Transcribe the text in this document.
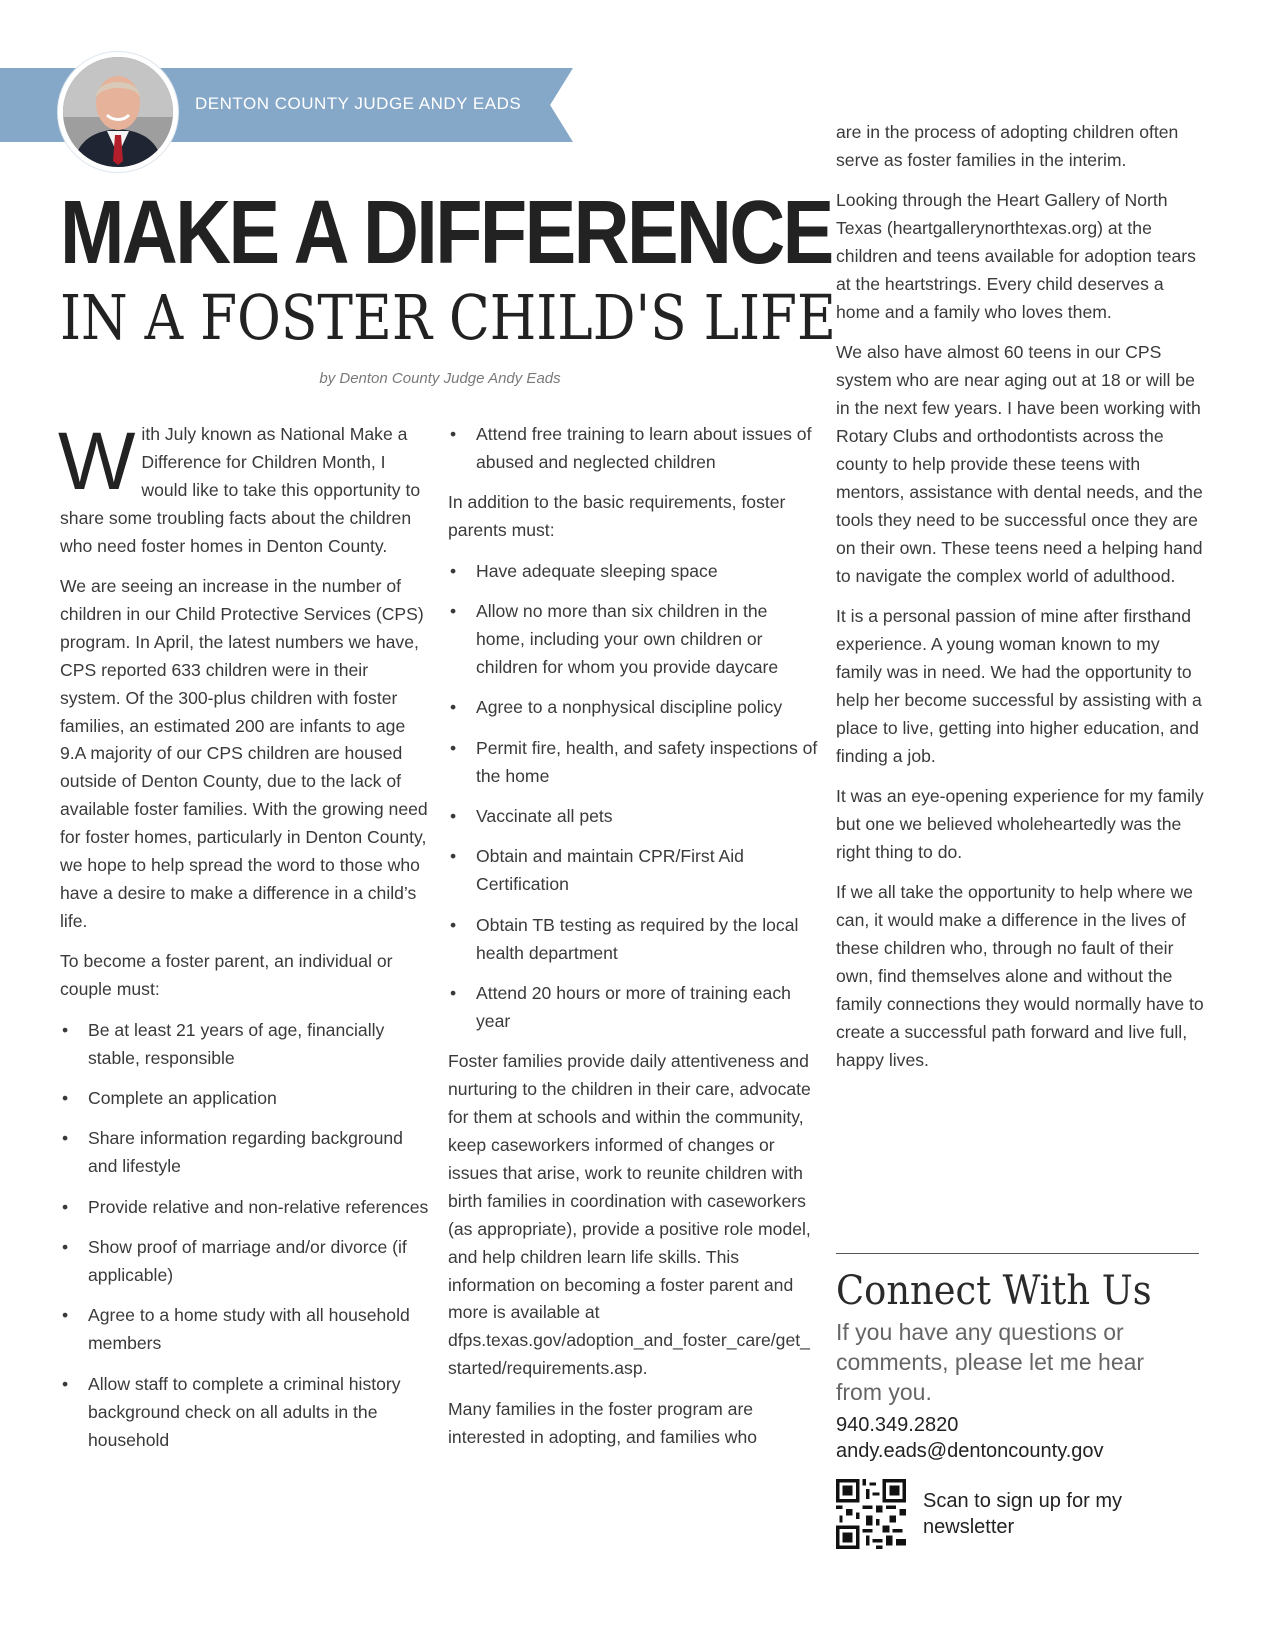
DENTON COUNTY JUDGE ANDY EADS
MAKE A DIFFERENCE
IN A FOSTER CHILD'S LIFE
by Denton County Judge Andy Eads

With July known as National Make a Difference for Children Month, I would like to take this opportunity to share some troubling facts about the children who need foster homes in Denton County.

We are seeing an increase in the number of children in our Child Protective Services (CPS) program. In April, the latest numbers we have, CPS reported 633 children were in their system. Of the 300-plus children with foster families, an estimated 200 are infants to age 9.A majority of our CPS children are housed outside of Denton County, due to the lack of available foster families. With the growing need for foster homes, particularly in Denton County, we hope to help spread the word to those who have a desire to make a difference in a child’s life.

To become a foster parent, an individual or couple must:

• Be at least 21 years of age, financially stable, responsible
• Complete an application
• Share information regarding background and lifestyle
• Provide relative and non-relative references
• Show proof of marriage and/or divorce (if applicable)
• Agree to a home study with all household members
• Allow staff to complete a criminal history background check on all adults in the household
• Attend free training to learn about issues of abused and neglected children

In addition to the basic requirements, foster parents must:

• Have adequate sleeping space
• Allow no more than six children in the home, including your own children or children for whom you provide daycare
• Agree to a nonphysical discipline policy
• Permit fire, health, and safety inspections of the home
• Vaccinate all pets
• Obtain and maintain CPR/First Aid Certification
• Obtain TB testing as required by the local health department
• Attend 20 hours or more of training each year

Foster families provide daily attentiveness and nurturing to the children in their care, advocate for them at schools and within the community, keep caseworkers informed of changes or issues that arise, work to reunite children with birth families in coordination with caseworkers (as appropriate), provide a positive role model, and help children learn life skills. This information on becoming a foster parent and more is available at dfps.texas.gov/adoption_and_foster_care/get_started/requirements.asp.

Many families in the foster program are interested in adopting, and families who

are in the process of adopting children often serve as foster families in the interim.

Looking through the Heart Gallery of North Texas (heartgallerynorthtexas.org) at the children and teens available for adoption tears at the heartstrings. Every child deserves a home and a family who loves them.

We also have almost 60 teens in our CPS system who are near aging out at 18 or will be in the next few years. I have been working with Rotary Clubs and orthodontists across the county to help provide these teens with mentors, assistance with dental needs, and the tools they need to be successful once they are on their own. These teens need a helping hand to navigate the complex world of adulthood.

It is a personal passion of mine after firsthand experience. A young woman known to my family was in need. We had the opportunity to help her become successful by assisting with a place to live, getting into higher education, and finding a job.

It was an eye-opening experience for my family but one we believed wholeheartedly was the right thing to do.

If we all take the opportunity to help where we can, it would make a difference in the lives of these children who, through no fault of their own, find themselves alone and without the family connections they would normally have to create a successful path forward and live full, happy lives.

Connect With Us
If you have any questions or comments, please let me hear from you.
940.349.2820
andy.eads@dentoncounty.gov
Scan to sign up for my newsletter
